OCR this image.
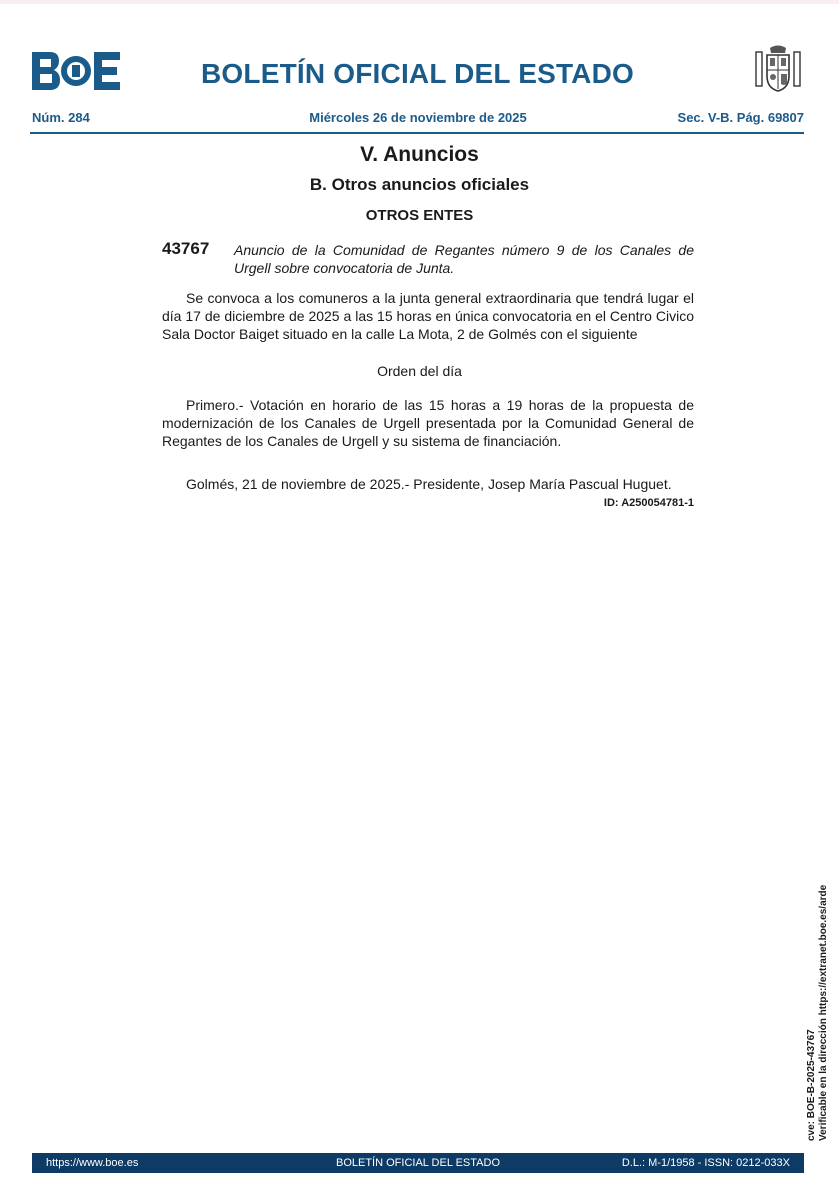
BOLETÍN OFICIAL DEL ESTADO
Núm. 284	Miércoles 26 de noviembre de 2025	Sec. V-B. Pág. 69807
V. Anuncios
B. Otros anuncios oficiales
OTROS ENTES
43767 Anuncio de la Comunidad de Regantes número 9 de los Canales de Urgell sobre convocatoria de Junta.
Se convoca a los comuneros a la junta general extraordinaria que tendrá lugar el día 17 de diciembre de 2025 a las 15 horas en única convocatoria en el Centro Civico Sala Doctor Baiget situado en la calle La Mota, 2 de Golmés con el siguiente
Orden del día
Primero.- Votación en horario de las 15 horas a 19 horas de la propuesta de modernización de los Canales de Urgell presentada por la Comunidad General de Regantes de los Canales de Urgell y su sistema de financiación.
Golmés, 21 de noviembre de 2025.- Presidente, Josep María Pascual Huguet.
ID: A250054781-1
cve: BOE-B-2025-43767 Verificable en la dirección https://extranet.boe.es/arde
https://www.boe.es	BOLETÍN OFICIAL DEL ESTADO	D.L.: M-1/1958 - ISSN: 0212-033X
